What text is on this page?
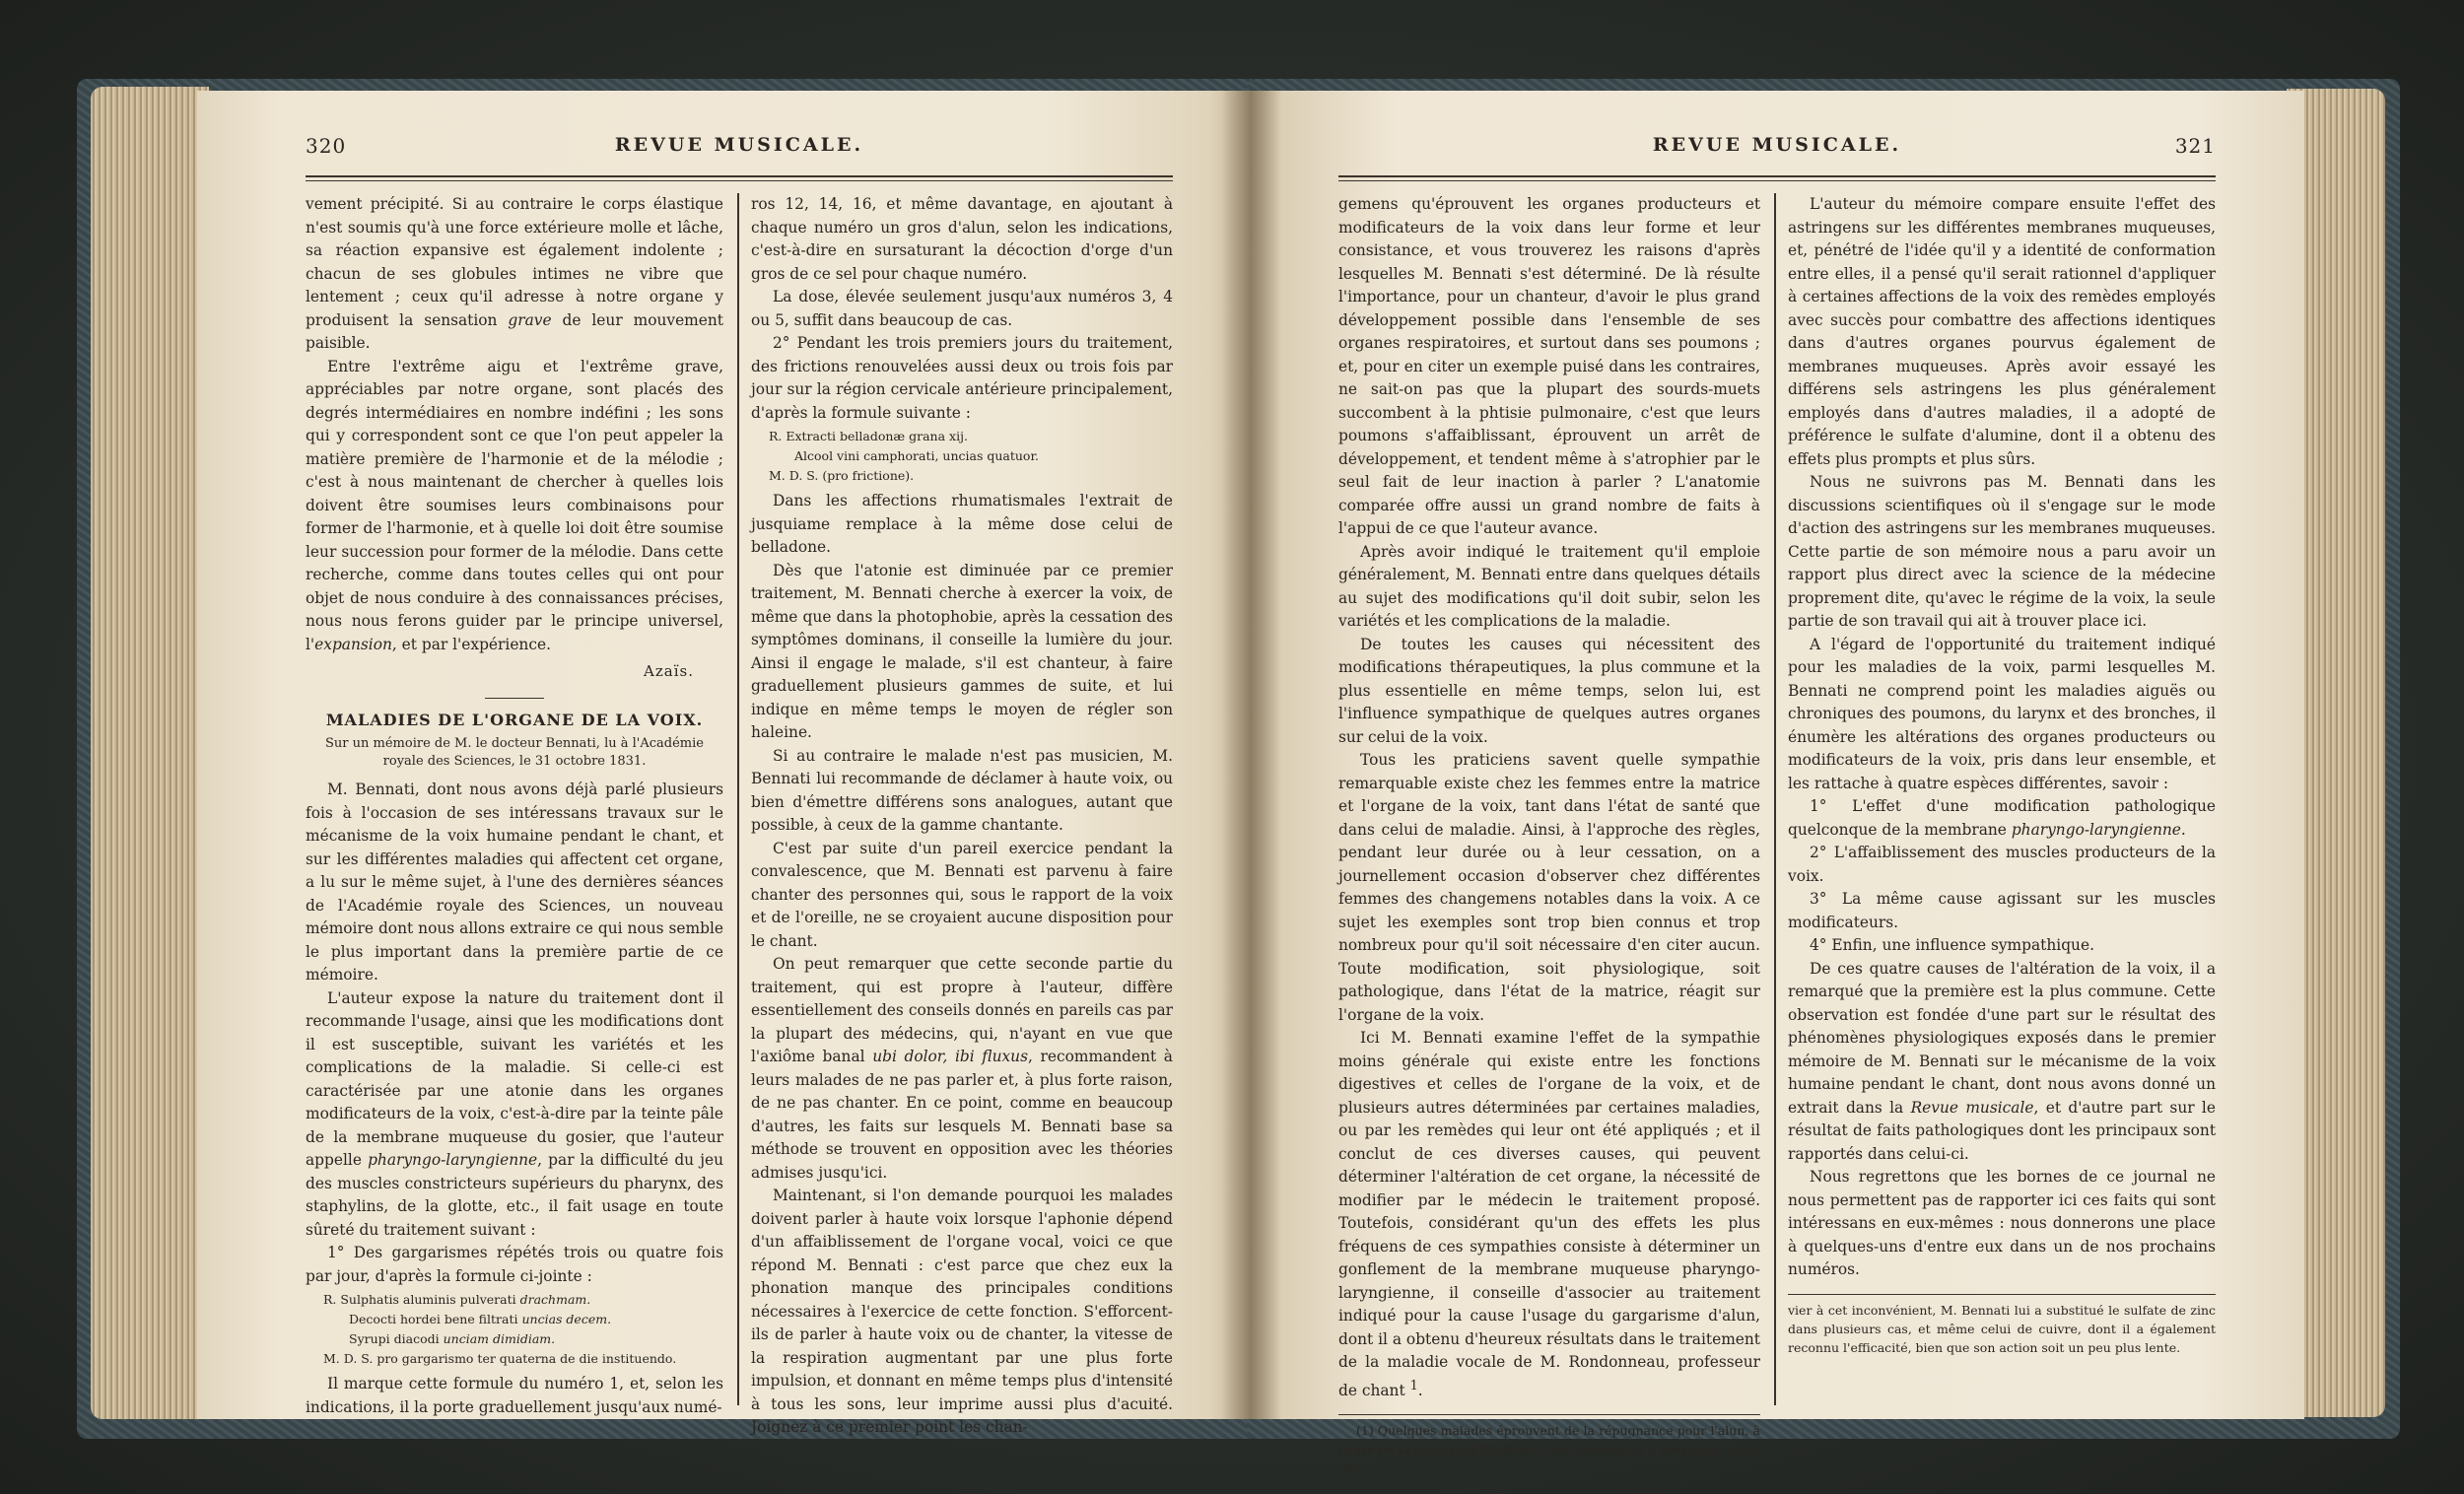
320	REVUE MUSICALE.

vement précipité. Si au contraire le corps élastique n'est soumis qu'à une force extérieure molle et lâche, sa réaction expansive est également indolente ; chacun de ses globules intimes ne vibre que lentement ; ceux qu'il adresse à notre organe y produisent la sensation grave de leur mouvement paisible.

Entre l'extrême aigu et l'extrême grave, appréciables par notre organe, sont placés des degrés intermédiaires en nombre indéfini ; les sons qui y correspondent sont ce que l'on peut appeler la matière première de l'harmonie et de la mélodie ; c'est à nous maintenant de chercher à quelles lois doivent être soumises leurs combinaisons pour former de l'harmonie, et à quelle loi doit être soumise leur succession pour former de la mélodie. Dans cette recherche, comme dans toutes celles qui ont pour objet de nous conduire à des connaissances précises, nous nous ferons guider par le principe universel, l'expansion, et par l'expérience.

Azaïs.
MALADIES DE L'ORGANE DE LA VOIX.
Sur un mémoire de M. le docteur Bennati, lu à l'Académie royale des Sciences, le 31 octobre 1831.

M. Bennati, dont nous avons déjà parlé plusieurs fois à l'occasion de ses intéressans travaux sur le mécanisme de la voix humaine pendant le chant, et sur les différentes maladies qui affectent cet organe, a lu sur le même sujet, à l'une des dernières séances de l'Académie royale des Sciences, un nouveau mémoire dont nous allons extraire ce qui nous semble le plus important dans la première partie de ce mémoire.

L'auteur expose la nature du traitement dont il recommande l'usage, ainsi que les modifications dont il est susceptible, suivant les variétés et les complications de la maladie. Si celle-ci est caractérisée par une atonie dans les organes modificateurs de la voix, c'est-à-dire par la teinte pâle de la membrane muqueuse du gosier, que l'auteur appelle pharyngo-laryngienne, par la difficulté du jeu des muscles constricteurs supérieurs du pharynx, des staphylins, de la glotte, etc., il fait usage en toute sûreté du traitement suivant :

1° Des gargarismes répétés trois ou quatre fois par jour, d'après la formule ci-jointe :

R. Sulphatis aluminis pulverati drachmam.
Decocti hordei bene filtrati uncias decem.
Syrupi diacodi unciam dimidiam.
M. D. S. pro gargarismo ter quaterna de die instituendo.

Il marque cette formule du numéro 1, et, selon les indications, il la porte graduellement jusqu'aux numé-

ros 12, 14, 16, et même davantage, en ajoutant à chaque numéro un gros d'alun, selon les indications, c'est-à-dire en sursaturant la décoction d'orge d'un gros de ce sel pour chaque numéro.

La dose, élevée seulement jusqu'aux numéros 3, 4 ou 5, suffit dans beaucoup de cas.

2° Pendant les trois premiers jours du traitement, des frictions renouvelées aussi deux ou trois fois par jour sur la région cervicale antérieure principalement, d'après la formule suivante :

R. Extracti belladonæ grana xij.
Alcool vini camphorati, uncias quatuor.
M. D. S. (pro frictione).

Dans les affections rhumatismales l'extrait de jusquiame remplace à la même dose celui de belladone.

Dès que l'atonie est diminuée par ce premier traitement, M. Bennati cherche à exercer la voix, de même que dans la photophobie, après la cessation des symptômes dominans, il conseille la lumière du jour. Ainsi il engage le malade, s'il est chanteur, à faire graduellement plusieurs gammes de suite, et lui indique en même temps le moyen de régler son haleine.

Si au contraire le malade n'est pas musicien, M. Bennati lui recommande de déclamer à haute voix, ou bien d'émettre différens sons analogues, autant que possible, à ceux de la gamme chantante.

C'est par suite d'un pareil exercice pendant la convalescence, que M. Bennati est parvenu à faire chanter des personnes qui, sous le rapport de la voix et de l'oreille, ne se croyaient aucune disposition pour le chant.

On peut remarquer que cette seconde partie du traitement, qui est propre à l'auteur, diffère essentiellement des conseils donnés en pareils cas par la plupart des médecins, qui, n'ayant en vue que l'axiôme banal ubi dolor, ibi fluxus, recommandent à leurs malades de ne pas parler et, à plus forte raison, de ne pas chanter. En ce point, comme en beaucoup d'autres, les faits sur lesquels M. Bennati base sa méthode se trouvent en opposition avec les théories admises jusqu'ici.

Maintenant, si l'on demande pourquoi les malades doivent parler à haute voix lorsque l'aphonie dépend d'un affaiblissement de l'organe vocal, voici ce que répond M. Bennati : c'est parce que chez eux la phonation manque des principales conditions nécessaires à l'exercice de cette fonction. S'efforcent-ils de parler à haute voix ou de chanter, la vitesse de la respiration augmentant par une plus forte impulsion, et donnant en même temps plus d'intensité à tous les sons, leur imprime aussi plus d'acuité. Joignez à ce premier point les chan-

REVUE MUSICALE.	321

gemens qu'éprouvent les organes producteurs et modificateurs de la voix dans leur forme et leur consistance, et vous trouverez les raisons d'après lesquelles M. Bennati s'est déterminé. De là résulte l'importance, pour un chanteur, d'avoir le plus grand développement possible dans l'ensemble de ses organes respiratoires, et surtout dans ses poumons ; et, pour en citer un exemple puisé dans les contraires, ne sait-on pas que la plupart des sourds-muets succombent à la phtisie pulmonaire, c'est que leurs poumons s'affaiblissant, éprouvent un arrêt de développement, et tendent même à s'atrophier par le seul fait de leur inaction à parler ? L'anatomie comparée offre aussi un grand nombre de faits à l'appui de ce que l'auteur avance.

Après avoir indiqué le traitement qu'il emploie généralement, M. Bennati entre dans quelques détails au sujet des modifications qu'il doit subir, selon les variétés et les complications de la maladie.

De toutes les causes qui nécessitent des modifications thérapeutiques, la plus commune et la plus essentielle en même temps, selon lui, est l'influence sympathique de quelques autres organes sur celui de la voix.

Tous les praticiens savent quelle sympathie remarquable existe chez les femmes entre la matrice et l'organe de la voix, tant dans l'état de santé que dans celui de maladie. Ainsi, à l'approche des règles, pendant leur durée ou à leur cessation, on a journellement occasion d'observer chez différentes femmes des changemens notables dans la voix. A ce sujet les exemples sont trop bien connus et trop nombreux pour qu'il soit nécessaire d'en citer aucun. Toute modification, soit physiologique, soit pathologique, dans l'état de la matrice, réagit sur l'organe de la voix.

Ici M. Bennati examine l'effet de la sympathie moins générale qui existe entre les fonctions digestives et celles de l'organe de la voix, et de plusieurs autres déterminées par certaines maladies, ou par les remèdes qui leur ont été appliqués ; et il conclut de ces diverses causes, qui peuvent déterminer l'altération de cet organe, la nécessité de modifier par le médecin le traitement proposé. Toutefois, considérant qu'un des effets les plus fréquens de ces sympathies consiste à déterminer un gonflement de la membrane muqueuse pharyngo-laryngienne, il conseille d'associer au traitement indiqué pour la cause l'usage du gargarisme d'alun, dont il a obtenu d'heureux résultats dans le traitement de la maladie vocale de M. Rondonneau, professeur de chant $^1$.

(1) Quelques malades éprouvent de la répugnance pour l'alun, à cause de la saveur qu'il laisse et des nausées qu'il provoque ; pour ob-

L'auteur du mémoire compare ensuite l'effet des astringens sur les différentes membranes muqueuses, et, pénétré de l'idée qu'il y a identité de conformation entre elles, il a pensé qu'il serait rationnel d'appliquer à certaines affections de la voix des remèdes employés avec succès pour combattre des affections identiques dans d'autres organes pourvus également de membranes muqueuses. Après avoir essayé les différens sels astringens les plus généralement employés dans d'autres maladies, il a adopté de préférence le sulfate d'alumine, dont il a obtenu des effets plus prompts et plus sûrs.

Nous ne suivrons pas M. Bennati dans les discussions scientifiques où il s'engage sur le mode d'action des astringens sur les membranes muqueuses. Cette partie de son mémoire nous a paru avoir un rapport plus direct avec la science de la médecine proprement dite, qu'avec le régime de la voix, la seule partie de son travail qui ait à trouver place ici.

A l'égard de l'opportunité du traitement indiqué pour les maladies de la voix, parmi lesquelles M. Bennati ne comprend point les maladies aiguës ou chroniques des poumons, du larynx et des bronches, il énumère les altérations des organes producteurs ou modificateurs de la voix, pris dans leur ensemble, et les rattache à quatre espèces différentes, savoir :

1° L'effet d'une modification pathologique quelconque de la membrane pharyngo-laryngienne.

2° L'affaiblissement des muscles producteurs de la voix.

3° La même cause agissant sur les muscles modificateurs.

4° Enfin, une influence sympathique.

De ces quatre causes de l'altération de la voix, il a remarqué que la première est la plus commune. Cette observation est fondée d'une part sur le résultat des phénomènes physiologiques exposés dans le premier mémoire de M. Bennati sur le mécanisme de la voix humaine pendant le chant, dont nous avons donné un extrait dans la Revue musicale, et d'autre part sur le résultat de faits pathologiques dont les principaux sont rapportés dans celui-ci.

Nous regrettons que les bornes de ce journal ne nous permettent pas de rapporter ici ces faits qui sont intéressans en eux-mêmes : nous donnerons une place à quelques-uns d'entre eux dans un de nos prochains numéros.

vier à cet inconvénient, M. Bennati lui a substitué le sulfate de zinc dans plusieurs cas, et même celui de cuivre, dont il a également reconnu l'efficacité, bien que son action soit un peu plus lente.
